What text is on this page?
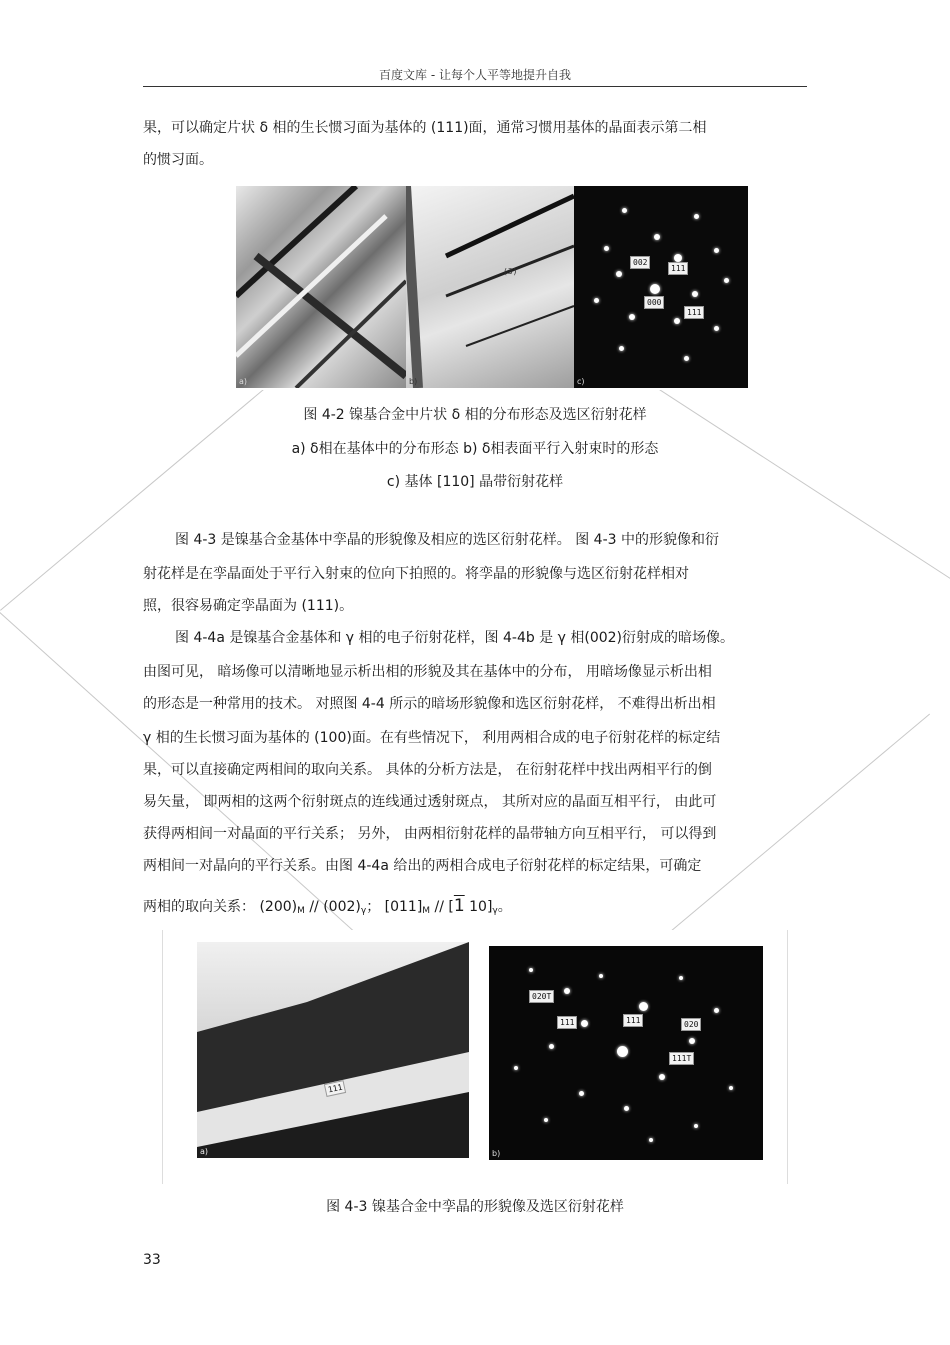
百度文库 - 让每个人平等地提升自我
果，可以确定片状 δ 相的生长惯习面为基体的 (111)面，通常习惯用基体的晶面表示第二相
的惯习面。
a)
(3)
b)
002
111
000
111
c)
图 4-2 镍基合金中片状 δ 相的分布形态及选区衍射花样
a) δ相在基体中的分布形态 b) δ相表面平行入射束时的形态
c) 基体 [110] 晶带衍射花样
图 4-3 是镍基合金基体中孪晶的形貌像及相应的选区衍射花样。 图 4-3 中的形貌像和衍
射花样是在孪晶面处于平行入射束的位向下拍照的。将孪晶的形貌像与选区衍射花样相对
照，很容易确定孪晶面为 (111)。
图 4-4a 是镍基合金基体和 γ 相的电子衍射花样，图 4-4b 是 γ 相(002)衍射成的暗场像。
由图可见， 暗场像可以清晰地显示析出相的形貌及其在基体中的分布， 用暗场像显示析出相
的形态是一种常用的技术。 对照图 4-4 所示的暗场形貌像和选区衍射花样， 不难得出析出相
γ 相的生长惯习面为基体的 (100)面。在有些情况下， 利用两相合成的电子衍射花样的标定结
果，可以直接确定两相间的取向关系。 具体的分析方法是， 在衍射花样中找出两相平行的倒
易矢量， 即两相的这两个衍射斑点的连线通过透射斑点， 其所对应的晶面互相平行， 由此可
获得两相间一对晶面的平行关系； 另外， 由两相衍射花样的晶带轴方向互相平行， 可以得到
两相间一对晶向的平行关系。由图 4-4a 给出的两相合成电子衍射花样的标定结果，可确定
两相的取向关系： $(200)_M // (002)_\gamma$； $[011]_M // [1$ $10]_\gamma$。
111
a)
020T
111	111	020
111T
b)
图 4-3 镍基合金中孪晶的形貌像及选区衍射花样
33
